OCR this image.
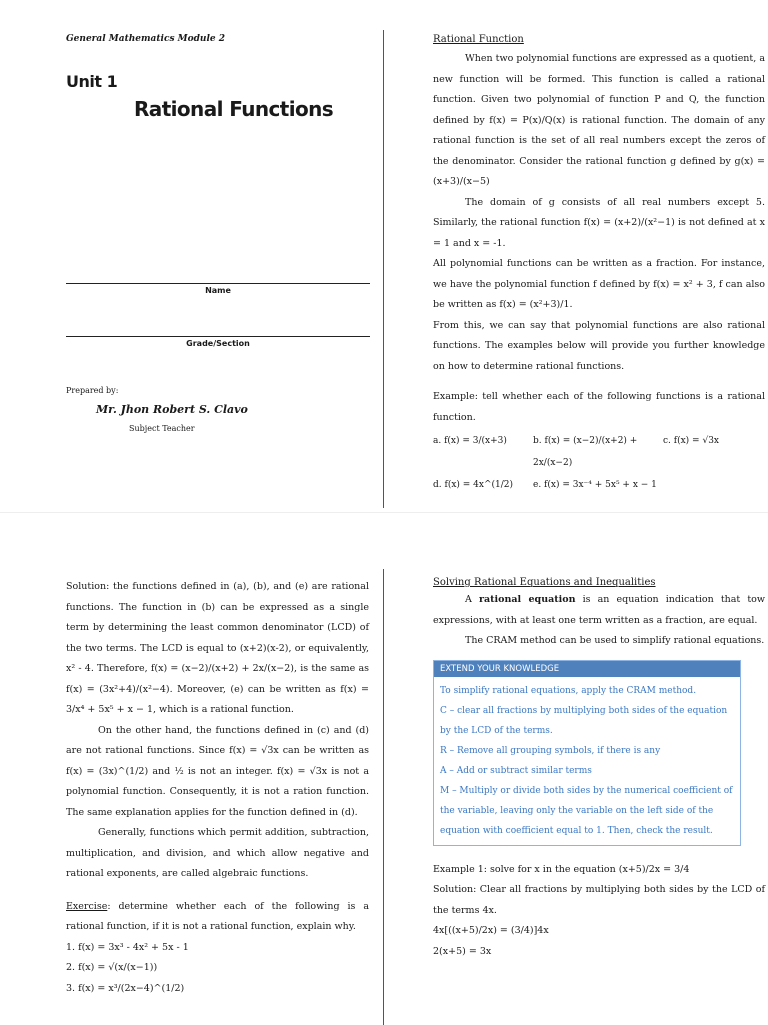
General Mathematics Module 2
Unit 1
Rational Functions
Name
Grade/Section
Prepared by:
Mr. Jhon Robert S. Clavo
Subject Teacher
Rational Function

When two polynomial functions are expressed as a quotient, a new function will be formed. This function is called a rational function. Given two polynomial of function P and Q, the function defined by f(x) = P(x)/Q(x) is rational function. The domain of any rational function is the set of all real numbers except the zeros of the denominator. Consider the rational function g defined by g(x) = (x+3)/(x−5)

The domain of g consists of all real numbers except 5. Similarly, the rational function f(x) = (x+2)/(x²−1) is not defined at x = 1 and x = -1.

All polynomial functions can be written as a fraction. For instance, we have the polynomial function f defined by f(x) = x² + 3, f can also be written as f(x) = (x²+3)/1.

From this, we can say that polynomial functions are also rational functions. The examples below will provide you further knowledge on how to determine rational functions.

Example: tell whether each of the following functions is a rational function.

a. f(x) = 3/(x+3)	b. f(x) = (x−2)/(x+2) + 2x/(x−2)
c. f(x) = √3x
d. f(x) = 4x^(1/2)	e. f(x) = 3x⁻⁴ + 5x⁵ + x − 1

Solution: the functions defined in (a), (b), and (e) are rational functions. The function in (b) can be expressed as a single term by determining the least common denominator (LCD) of the two terms. The LCD is equal to (x+2)(x-2), or equivalently, x² - 4. Therefore, f(x) = (x−2)/(x+2) + 2x/(x−2), is the same as f(x) = (3x²+4)/(x²−4). Moreover, (e) can be written as f(x) = 3/x⁴ + 5x⁵ + x − 1, which is a rational function.

On the other hand, the functions defined in (c) and (d) are not rational functions. Since f(x) = √3x can be written as f(x) = (3x)^(1/2) and ½ is not an integer. f(x) = √3x is not a polynomial function. Consequently, it is not a ration function. The same explanation applies for the function defined in (d).

Generally, functions which permit addition, subtraction, multiplication, and division, and which allow negative and rational exponents, are called algebraic functions.

Exercise: determine whether each of the following is a rational function, if it is not a rational function, explain why.

1. f(x) = 3x³ - 4x² + 5x - 1

2. f(x) = √(x/(x−1))

3. f(x) = x³/(2x−4)^(1/2)

Solving Rational Equations and Inequalities

A rational equation is an equation indication that tow expressions, with at least one term written as a fraction, are equal.

The CRAM method can be used to simplify rational equations.

EXTEND YOUR KNOWLEDGE

To simplify rational equations, apply the CRAM method.

C – clear all fractions by multiplying both sides of the equation by the LCD of the terms.

R – Remove all grouping symbols, if there is any

A – Add or subtract similar terms

M – Multiply or divide both sides by the numerical coefficient of the variable, leaving only the variable on the left side of the equation with coefficient equal to 1. Then, check the result.

Example 1: solve for x in the equation (x+5)/2x = 3/4

Solution: Clear all fractions by multiplying both sides by the LCD of the terms 4x.

4x[((x+5)/2x) = (3/4)]4x

2(x+5) = 3x
